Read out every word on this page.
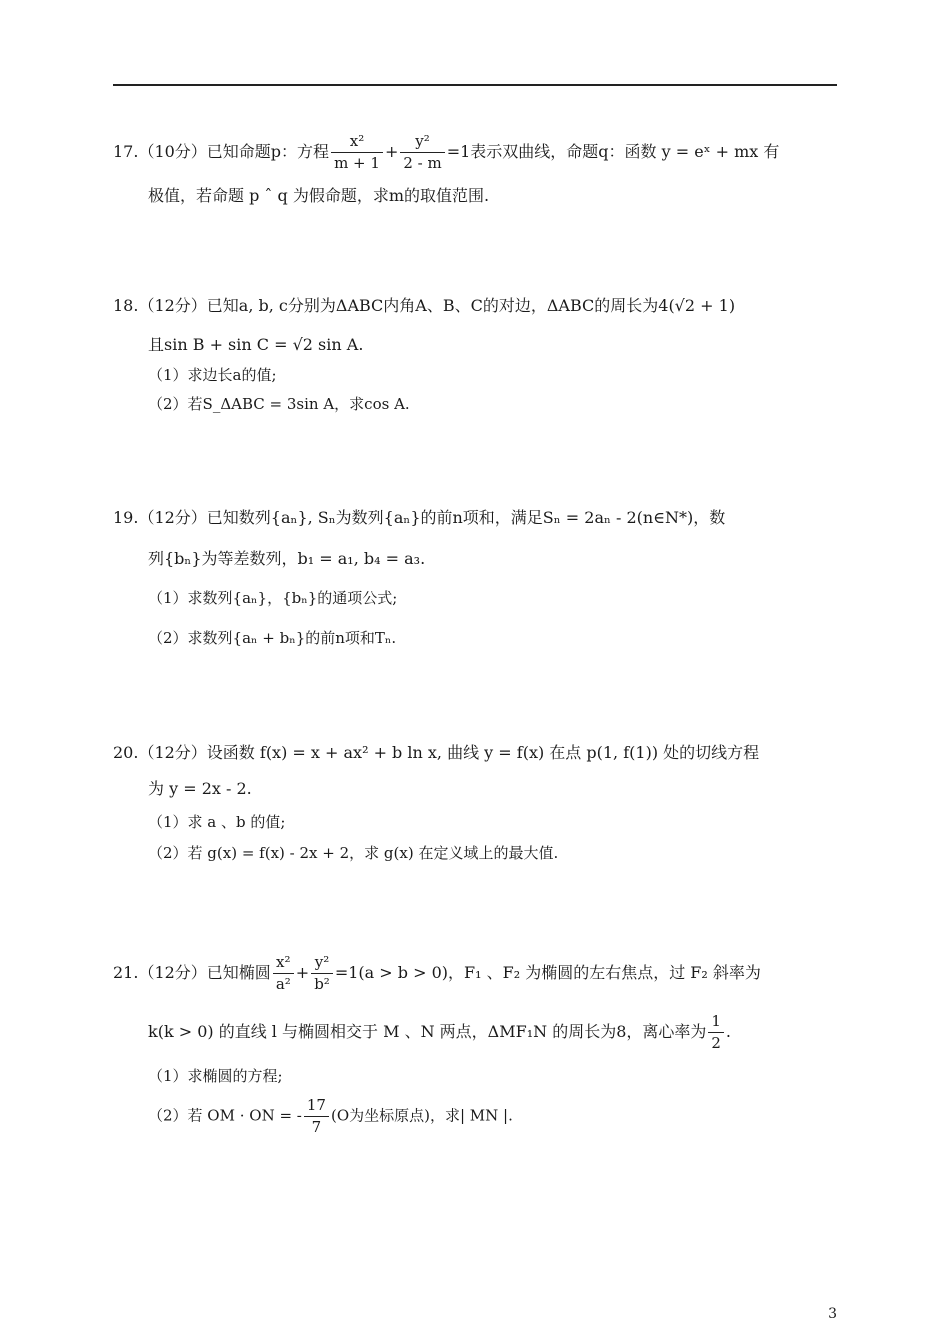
17.（10分）已知命题p：方程 $\frac{\text{x²}}{m + 1} + \frac{\text{y²}}{2 - m} =1$表示双曲线，命题q：函数 y = eˣ + mx 有
极值，若命题 p ˆ q 为假命题，求m的取值范围.
18.（12分）已知a, b, c分别为ΔABC内角A、B、C的对边，ΔABC的周长为4(√2 + 1)
且sin B + sin C = √2 sin A.
（1）求边长a的值;
（2）若S_ΔABC = 3sin A，求cos A.
19.（12分）已知数列{aₙ}, Sₙ为数列{aₙ}的前n项和，满足Sₙ = 2aₙ - 2(n∈N*)，数
列{bₙ}为等差数列，b₁ = a₁, b₄ = a₃.
（1）求数列{aₙ}，{bₙ}的通项公式;
（2）求数列{aₙ + bₙ}的前n项和Tₙ.
20.（12分）设函数 f(x) = x + ax² + b ln x, 曲线 y = f(x) 在点 p(1, f(1)) 处的切线方程
为 y = 2x - 2.
（1）求 a 、b 的值;
（2）若 g(x) = f(x) - 2x + 2，求 g(x) 在定义域上的最大值.
21.（12分）已知椭圆 $\frac{\text{x²}}{\text{a²}} + \frac{\text{y²}}{\text{b²}} =1(a > b > 0)$，F₁ 、F₂ 为椭圆的左右焦点，过 F₂ 斜率为
k(k > 0) 的直线 l 与椭圆相交于 M 、N 两点，ΔMF₁N 的周长为8，离心率为 $\frac{1}{2}$ .
（1）求椭圆的方程;
（2）若 OM · ON = - $\frac{17}{7} (O$为坐标原点)，求| MN |.
3
